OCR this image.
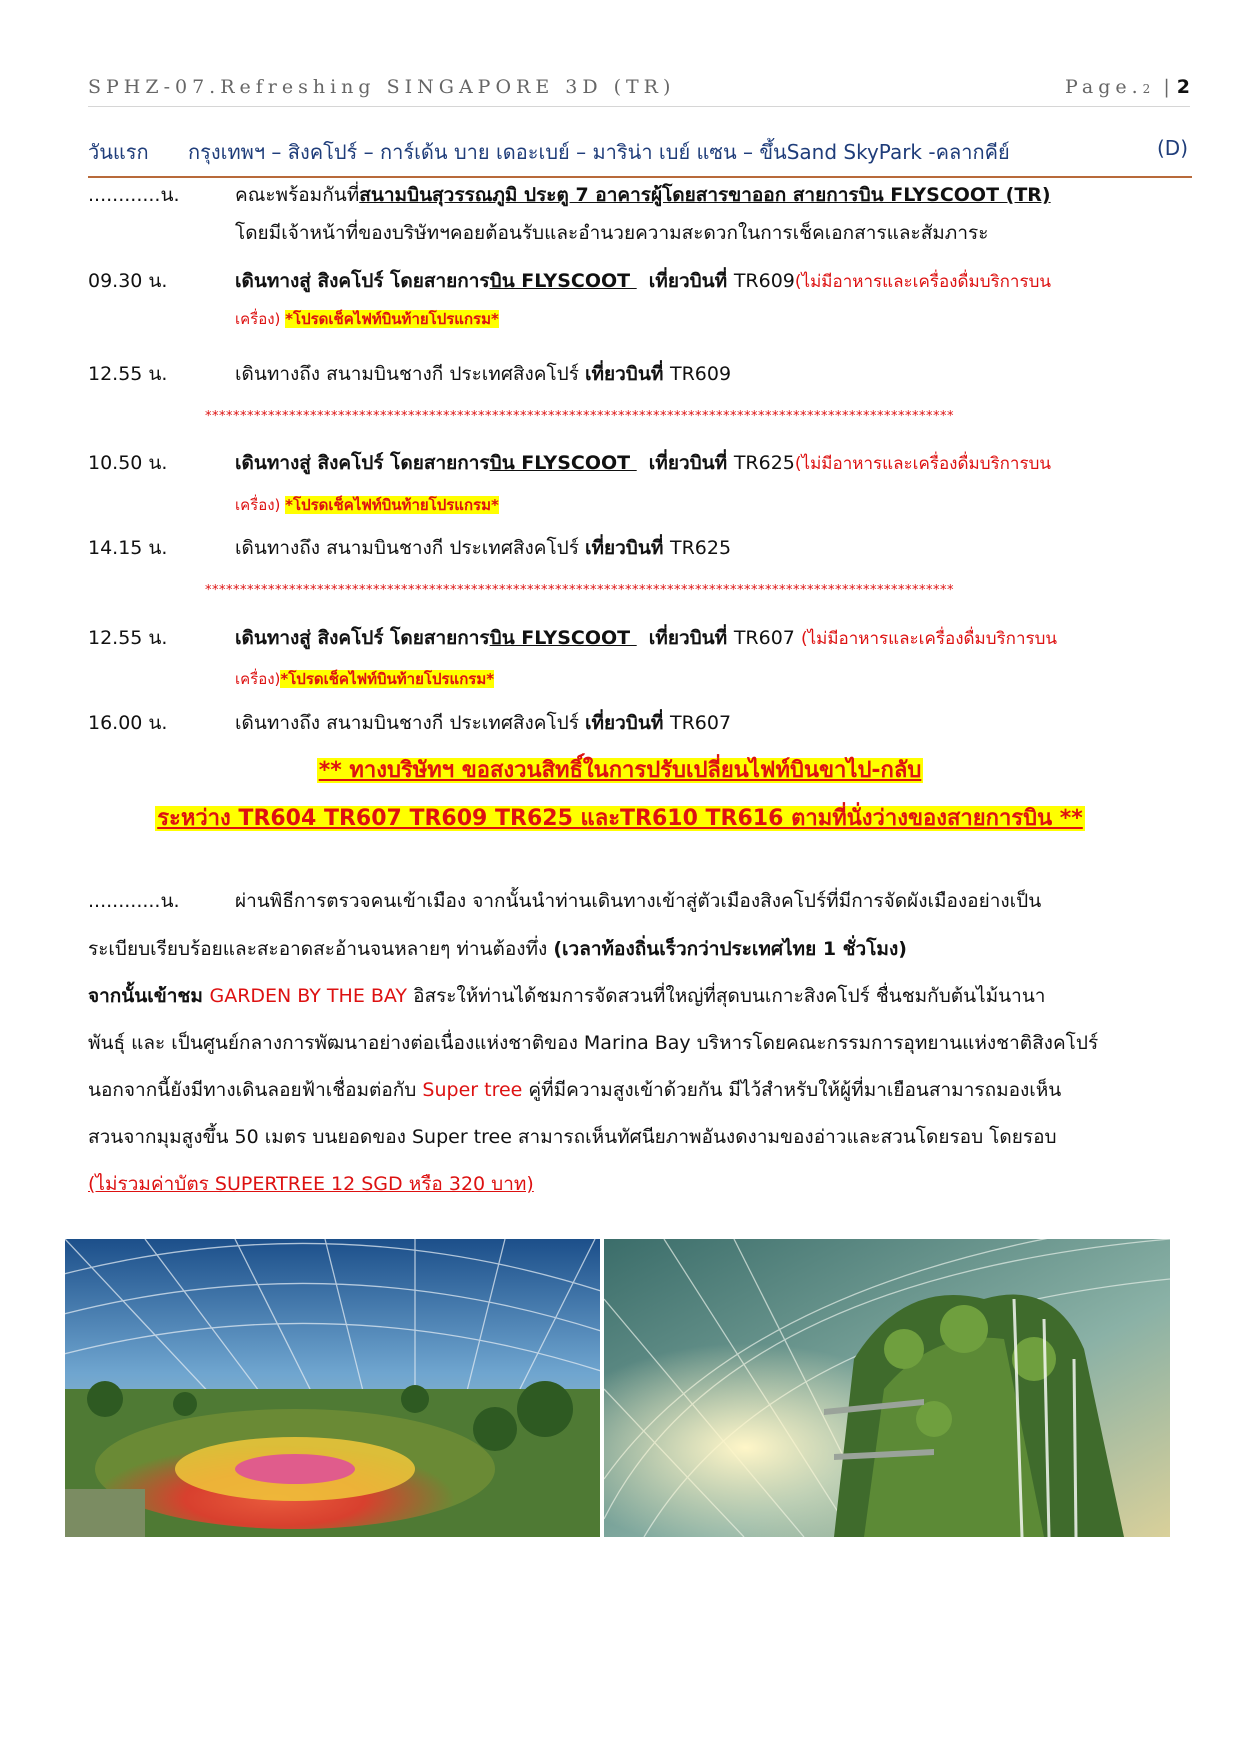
SPHZ-07.Refreshing SINGAPORE 3D (TR)	Page.2 | 2
วันแรก กรุงเทพฯ – สิงคโปร์ – การ์เด้น บาย เดอะเบย์ – มาริน่า เบย์ แซน – ขึ้นSand SkyPark -คลากคีย์	(D)
............น.	คณะพร้อมกันที่สนามบินสุวรรณภูมิ ประตู 7 อาคารผู้โดยสารขาออก สายการบิน FLYSCOOT (TR)
โดยมีเจ้าหน้าที่ของบริษัทฯคอยต้อนรับและอำนวยความสะดวกในการเช็คเอกสารและสัมภาระ
09.30 น.	เดินทางสู่ สิงคโปร์ โดยสายการบิน FLYSCOOT   เที่ยวบินที่ TR609(ไม่มีอาหารและเครื่องดื่มบริการบน
เครื่อง) *โปรดเช็คไฟท์บินท้ายโปรแกรม*
12.55 น.	เดินทางถึง สนามบินชางกี ประเทศสิงคโปร์ เที่ยวบินที่ TR609
***********************************************************************************************************
10.50 น.	เดินทางสู่ สิงคโปร์ โดยสายการบิน FLYSCOOT   เที่ยวบินที่ TR625(ไม่มีอาหารและเครื่องดื่มบริการบน
เครื่อง) *โปรดเช็คไฟท์บินท้ายโปรแกรม*
14.15 น.	เดินทางถึง สนามบินชางกี ประเทศสิงคโปร์ เที่ยวบินที่ TR625
***********************************************************************************************************
12.55 น.	เดินทางสู่ สิงคโปร์ โดยสายการบิน FLYSCOOT   เที่ยวบินที่ TR607 (ไม่มีอาหารและเครื่องดื่มบริการบน
เครื่อง)*โปรดเช็คไฟท์บินท้ายโปรแกรม*
16.00 น.	เดินทางถึง สนามบินชางกี ประเทศสิงคโปร์ เที่ยวบินที่ TR607
** ทางบริษัทฯ ขอสงวนสิทธิ์ในการปรับเปลี่ยนไฟท์บินขาไป-กลับ
ระหว่าง TR604 TR607 TR609 TR625 และTR610 TR616 ตามที่นั่งว่างของสายการบิน **
............น.	ผ่านพิธีการตรวจคนเข้าเมือง จากนั้นนำท่านเดินทางเข้าสู่ตัวเมืองสิงคโปร์ที่มีการจัดผังเมืองอย่างเป็น
ระเบียบเรียบร้อยและสะอาดสะอ้านจนหลายๆ ท่านต้องทึ่ง (เวลาท้องถิ่นเร็วกว่าประเทศไทย 1 ชั่วโมง)
จากนั้นเข้าชม GARDEN BY THE BAY อิสระให้ท่านได้ชมการจัดสวนที่ใหญ่ที่สุดบนเกาะสิงคโปร์ ชื่นชมกับต้นไม้นานา
พันธุ์ และ เป็นศูนย์กลางการพัฒนาอย่างต่อเนื่องแห่งชาติของ Marina Bay บริหารโดยคณะกรรมการอุทยานแห่งชาติสิงคโปร์
นอกจากนี้ยังมีทางเดินลอยฟ้าเชื่อมต่อกับ Super tree คู่ที่มีความสูงเข้าด้วยกัน มีไว้สำหรับให้ผู้ที่มาเยือนสามารถมองเห็น
สวนจากมุมสูงขึ้น 50 เมตร บนยอดของ Super tree สามารถเห็นทัศนียภาพอันงดงามของอ่าวและสวนโดยรอบ โดยรอบ
(ไม่รวมค่าบัตร SUPERTREE 12 SGD หรือ 320 บาท)
